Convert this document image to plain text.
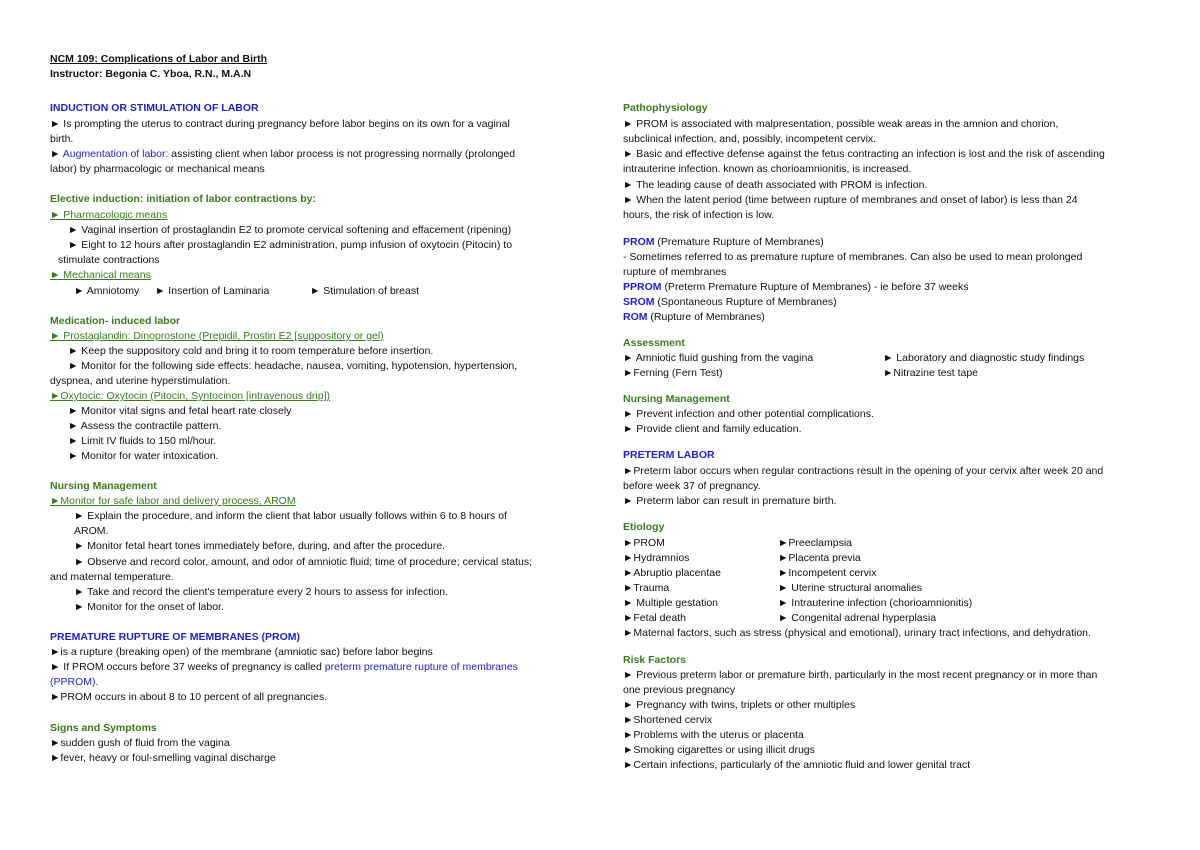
NCM 109: Complications of Labor and Birth
Instructor: Begonia C. Yboa, R.N., M.A.N
INDUCTION OR STIMULATION OF LABOR
► Is prompting the uterus to contract during pregnancy before labor begins on its own for a vaginal
birth.
► Augmentation of labor: assisting client when labor process is not progressing normally (prolonged
labor) by pharmacologic or mechanical means
Elective induction: initiation of labor contractions by:
► Pharmacologic means
► Vaginal insertion of prostaglandin E2 to promote cervical softening and effacement (ripening)
► Eight to 12 hours after prostaglandin E2 administration, pump infusion of oxytocin (Pitocin) to
stimulate contractions
► Mechanical means
► Amniotomy ► Insertion of Laminaria	► Stimulation of breast
Medication- induced labor
► Prostaglandin: Dinoprostone (Prepidil, Prostin E2 [suppository or gel)
► Keep the suppository cold and bring it to room temperature before insertion.
► Monitor for the following side effects: headache, nausea, vomiting, hypotension, hypertension,
dyspnea, and uterine hyperstimulation.
►Oxytocic: Oxytocin (Pitocin, Syntocinon [intravenous drip])
► Monitor vital signs and fetal heart rate closely
► Assess the contractile pattern.
► Limit IV fluids to 150 ml/hour.
► Monitor for water intoxication.
Nursing Management
►Monitor for safe labor and delivery process, AROM
► Explain the procedure, and inform the client that labor usually follows within 6 to 8 hours of
AROM.
► Monitor fetal heart tones immediately before, during, and after the procedure.
► Observe and record color, amount, and odor of amniotic fluid; time of procedure; cervical status;
and maternal temperature.
► Take and record the client's temperature every 2 hours to assess for infection.
► Monitor for the onset of labor.
PREMATURE RUPTURE OF MEMBRANES (PROM)
►is a rupture (breaking open) of the membrane (amniotic sac) before labor begins
► If PROM occurs before 37 weeks of pregnancy is called preterm premature rupture of membranes
(PPROM).
►PROM occurs in about 8 to 10 percent of all pregnancies.
Signs and Symptoms
►sudden gush of fluid from the vagina
►fever, heavy or foul-smelling vaginal discharge
Pathophysiology
► PROM is associated with malpresentation, possible weak areas in the amnion and chorion,
subclinical infection, and, possibly, incompetent cervix.
► Basic and effective defense against the fetus contracting an infection is lost and the risk of ascending
intrauterine infection. known as chorioamnionitis, is increased.
► The leading cause of death associated with PROM is infection.
► When the latent period (time between rupture of membranes and onset of labor) is less than 24
hours, the risk of infection is low.
PROM (Premature Rupture of Membranes)
- Sometimes referred to as premature rupture of membranes. Can also be used to mean prolonged
rupture of membranes
PPROM (Preterm Premature Rupture of Membranes) - ie before 37 weeks
SROM (Spontaneous Rupture of Membranes)
ROM (Rupture of Membranes)
Assessment
► Amniotic fluid gushing from the vagina	► Laboratory and diagnostic study findings
►Ferning (Fern Test)	►Nitrazine test tape
Nursing Management
► Prevent infection and other potential complications.
► Provide client and family education.
PRETERM LABOR
►Preterm labor occurs when regular contractions result in the opening of your cervix after week 20 and
before week 37 of pregnancy.
► Preterm labor can result in premature birth.
Etiology
►PROM	►Preeclampsia
►Hydramnios	►Placenta previa
►Abruptio placentae	►Incompetent cervix
►Trauma	► Uterine structural anomalies
► Multiple gestation	► Intrauterine infection (chorioamnionitis)
►Fetal death	► Congenital adrenal hyperplasia
►Maternal factors, such as stress (physical and emotional), urinary tract infections, and dehydration.
Risk Factors
► Previous preterm labor or premature birth, particularly in the most recent pregnancy or in more than
one previous pregnancy
► Pregnancy with twins, triplets or other multiples
►Shortened cervix
►Problems with the uterus or placenta
►Smoking cigarettes or using illicit drugs
►Certain infections, particularly of the amniotic fluid and lower genital tract
